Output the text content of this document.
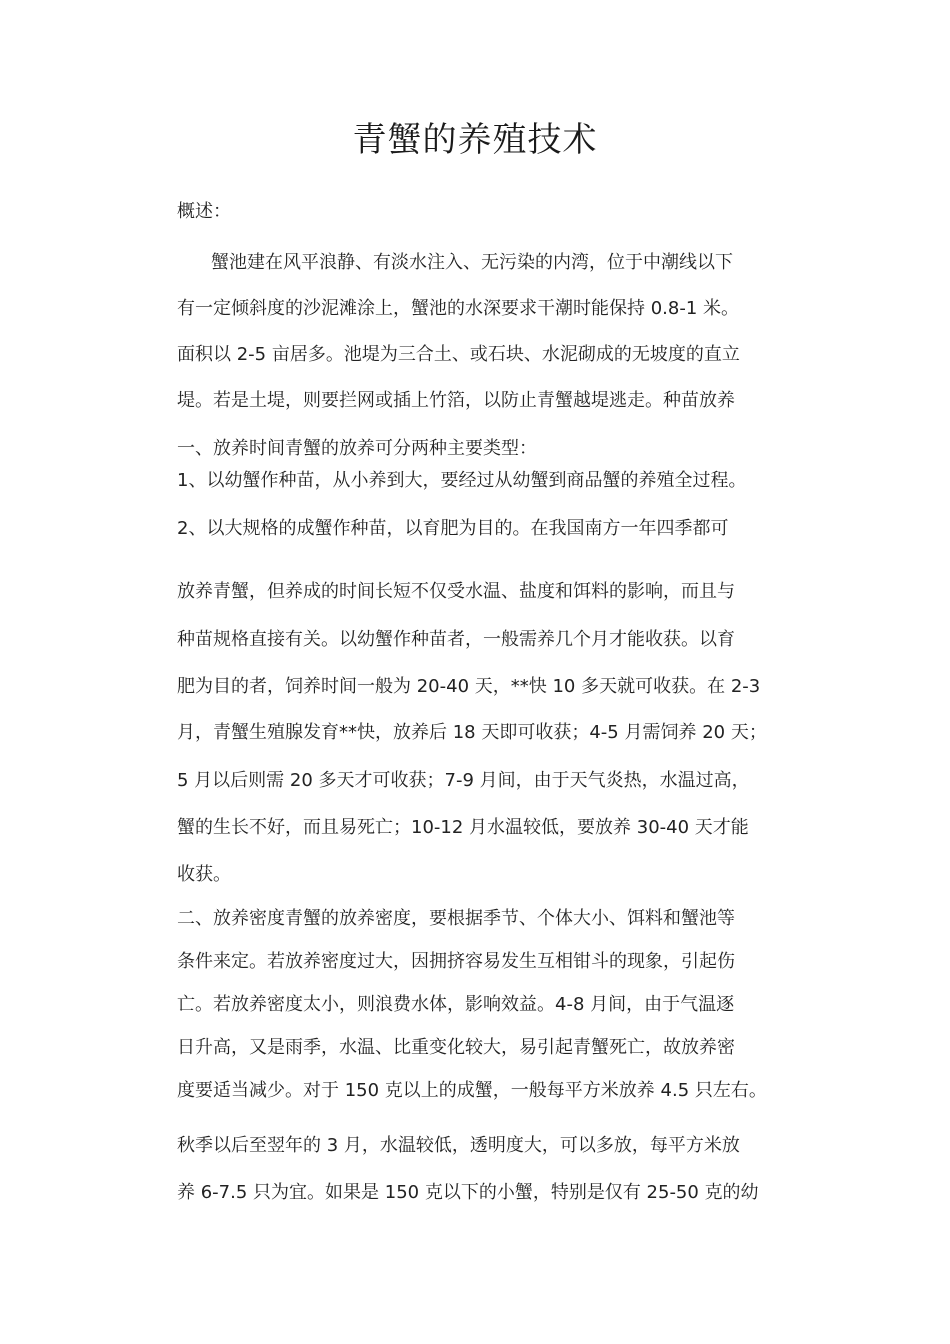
青蟹的养殖技术
概述：
蟹池建在风平浪静、有淡水注入、无污染的内湾，位于中潮线以下
有一定倾斜度的沙泥滩涂上，蟹池的水深要求干潮时能保持 0.8-1 米。
面积以 2-5 亩居多。池堤为三合土、或石块、水泥砌成的无坡度的直立
堤。若是土堤，则要拦网或插上竹箔，以防止青蟹越堤逃走。种苗放养
一、放养时间青蟹的放养可分两种主要类型：
1、以幼蟹作种苗，从小养到大，要经过从幼蟹到商品蟹的养殖全过程。
2、以大规格的成蟹作种苗，以育肥为目的。在我国南方一年四季都可
放养青蟹，但养成的时间长短不仅受水温、盐度和饵料的影响，而且与
种苗规格直接有关。以幼蟹作种苗者，一般需养几个月才能收获。以育
肥为目的者，饲养时间一般为 20-40 天，**快 10 多天就可收获。在 2-3
月，青蟹生殖腺发育**快，放养后 18 天即可收获；4-5 月需饲养 20 天；
5 月以后则需 20 多天才可收获；7-9 月间，由于天气炎热，水温过高，
蟹的生长不好，而且易死亡；10-12 月水温较低，要放养 30-40 天才能
收获。
二、放养密度青蟹的放养密度，要根据季节、个体大小、饵料和蟹池等
条件来定。若放养密度过大，因拥挤容易发生互相钳斗的现象，引起伤
亡。若放养密度太小，则浪费水体，影响效益。4-8 月间，由于气温逐
日升高，又是雨季，水温、比重变化较大，易引起青蟹死亡，故放养密
度要适当减少。对于 150 克以上的成蟹，一般每平方米放养 4.5 只左右。
秋季以后至翌年的 3 月，水温较低，透明度大，可以多放，每平方米放
养 6-7.5 只为宜。如果是 150 克以下的小蟹，特别是仅有 25-50 克的幼
